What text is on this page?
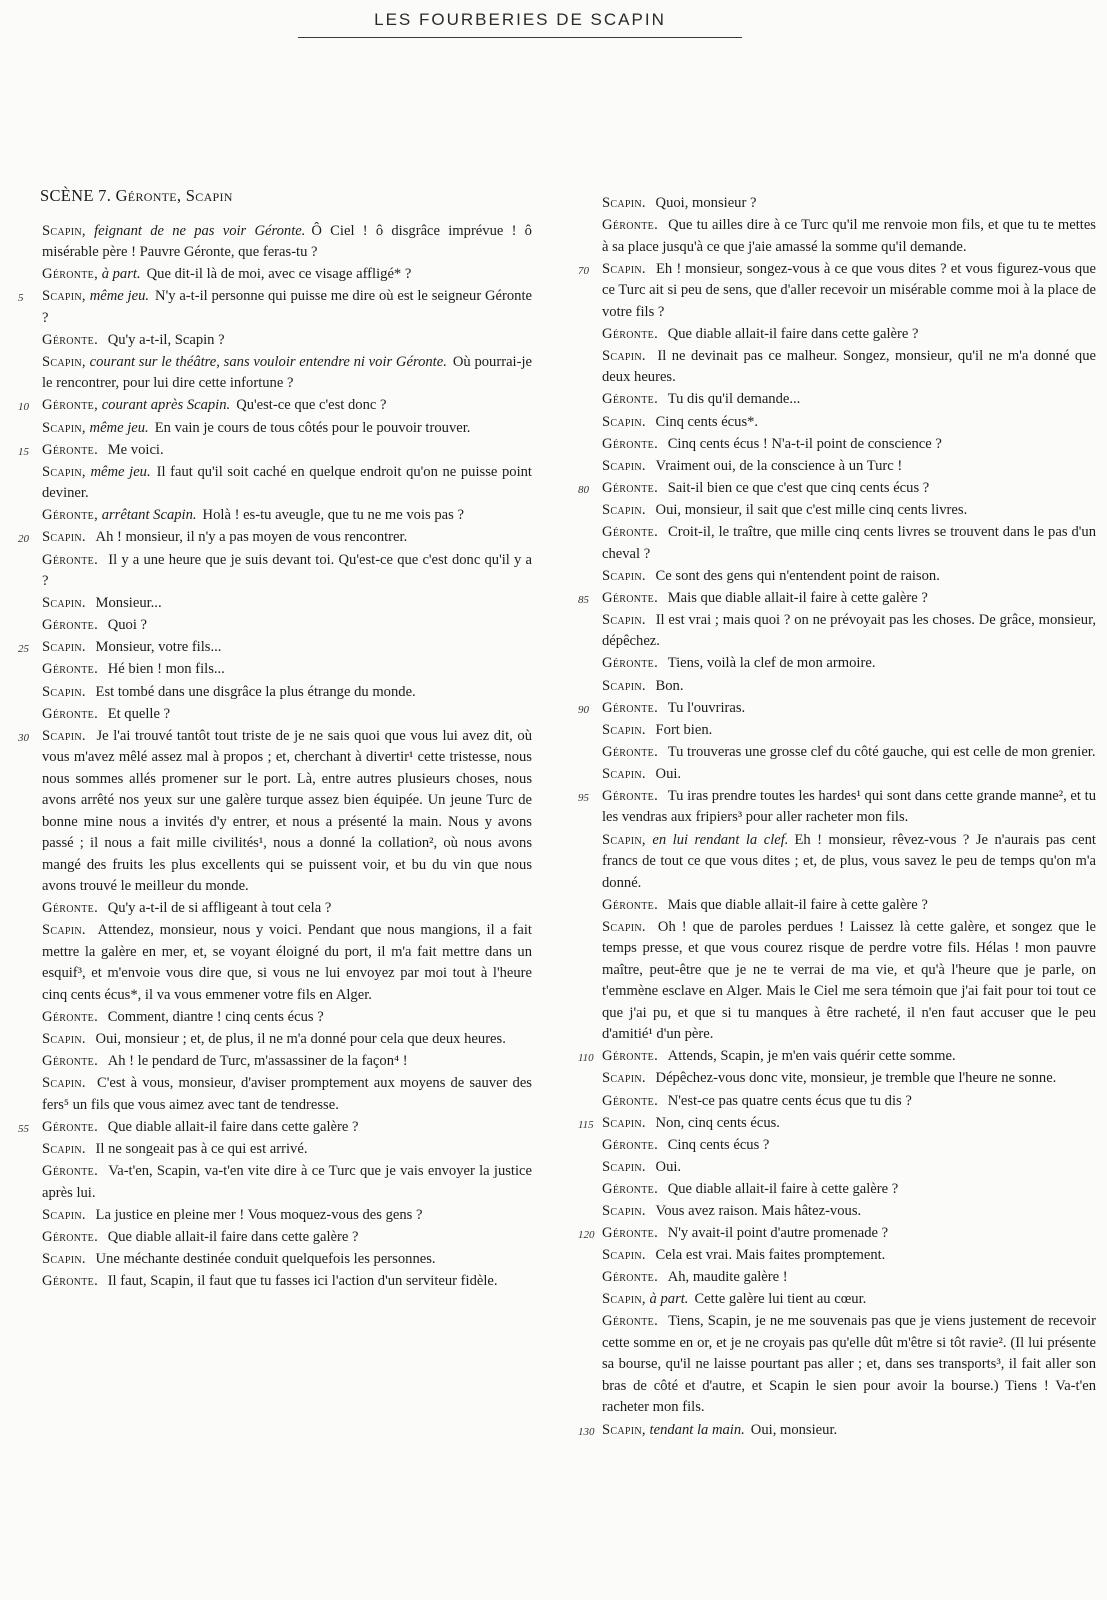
LES FOURBERIES DE SCAPIN
SCÈNE 7. Géronte, Scapin
Scapin, feignant de ne pas voir Géronte. Ô Ciel ! ô disgrâce imprévue ! ô misérable père ! Pauvre Géronte, que feras-tu ?
Géronte, à part. Que dit-il là de moi, avec ce visage affligé* ?
5	Scapin, même jeu. N'y a-t-il personne qui puisse me dire où est le seigneur Géronte ?
Géronte. Qu'y a-t-il, Scapin ?
Scapin, courant sur le théâtre, sans vouloir entendre ni voir Géronte. Où pourrai-je le rencontrer, pour lui dire cette infortune ?
10 Géronte, courant après Scapin. Qu'est-ce que c'est donc ?
Scapin, même jeu. En vain je cours de tous côtés pour le pouvoir trouver.
15 Géronte. Me voici.
Scapin, même jeu. Il faut qu'il soit caché en quelque endroit qu'on ne puisse point deviner.
Géronte, arrêtant Scapin. Holà ! es-tu aveugle, que tu ne me vois pas ?
20 Scapin. Ah ! monsieur, il n'y a pas moyen de vous rencontrer.
Géronte. Il y a une heure que je suis devant toi. Qu'est-ce que c'est donc qu'il y a ?
Scapin. Monsieur...
Géronte. Quoi ?
25 Scapin. Monsieur, votre fils...
Géronte. Hé bien ! mon fils...
Scapin. Est tombé dans une disgrâce la plus étrange du monde.
Géronte. Et quelle ?
30 Scapin. Je l'ai trouvé tantôt tout triste de je ne sais quoi que vous lui avez dit, où vous m'avez mêlé assez mal à propos ; et, cherchant à divertir¹ cette tristesse, nous nous sommes allés promener sur le port. Là, entre autres plusieurs choses, nous avons arrêté nos yeux sur une galère turque assez bien équipée. Un jeune Turc de bonne mine nous a invités d'y entrer, et nous a présenté la main. Nous y avons passé ; il nous a fait mille civilités¹, nous a donné la collation², où nous avons mangé des fruits les plus excellents qui se puissent voir, et bu du vin que nous avons trouvé le meilleur du monde.
Géronte. Qu'y a-t-il de si affligeant à tout cela ?
Scapin. Attendez, monsieur, nous y voici. Pendant que nous mangions, il a fait mettre la galère en mer, et, se voyant éloigné du port, il m'a fait mettre dans un esquif³, et m'envoie vous dire que, si vous ne lui envoyez par moi tout à l'heure cinq cents écus*, il va vous emmener votre fils en Alger.
Géronte. Comment, diantre ! cinq cents écus ?
Scapin. Oui, monsieur ; et, de plus, il ne m'a donné pour cela que deux heures.
Géronte. Ah ! le pendard de Turc, m'assassiner de la façon⁴ !
Scapin. C'est à vous, monsieur, d'aviser promptement aux moyens de sauver des fers⁵ un fils que vous aimez avec tant de tendresse.
55 Géronte. Que diable allait-il faire dans cette galère ?
Scapin. Il ne songeait pas à ce qui est arrivé.
Géronte. Va-t'en, Scapin, va-t'en vite dire à ce Turc que je vais envoyer la justice après lui.
Scapin. La justice en pleine mer ! Vous moquez-vous des gens ?
Géronte. Que diable allait-il faire dans cette galère ?
Scapin. Une méchante destinée conduit quelquefois les personnes.
Géronte. Il faut, Scapin, il faut que tu fasses ici l'action d'un serviteur fidèle.
Scapin. Quoi, monsieur ?
Géronte. Que tu ailles dire à ce Turc qu'il me renvoie mon fils, et que tu te mettes à sa place jusqu'à ce que j'aie amassé la somme qu'il demande.
70 Scapin. Eh ! monsieur, songez-vous à ce que vous dites ? et vous figurez-vous que ce Turc ait si peu de sens, que d'aller recevoir un misérable comme moi à la place de votre fils ?
Géronte. Que diable allait-il faire dans cette galère ?
Scapin. Il ne devinait pas ce malheur. Songez, monsieur, qu'il ne m'a donné que deux heures.
Géronte. Tu dis qu'il demande...
Scapin. Cinq cents écus*.
Géronte. Cinq cents écus ! N'a-t-il point de conscience ?
Scapin. Vraiment oui, de la conscience à un Turc !
80 Géronte. Sait-il bien ce que c'est que cinq cents écus ?
Scapin. Oui, monsieur, il sait que c'est mille cinq cents livres.
Géronte. Croit-il, le traître, que mille cinq cents livres se trouvent dans le pas d'un cheval ?
Scapin. Ce sont des gens qui n'entendent point de raison.
85 Géronte. Mais que diable allait-il faire à cette galère ?
Scapin. Il est vrai ; mais quoi ? on ne prévoyait pas les choses. De grâce, monsieur, dépêchez.
Géronte. Tiens, voilà la clef de mon armoire.
Scapin. Bon.
90 Géronte. Tu l'ouvriras.
Scapin. Fort bien.
Géronte. Tu trouveras une grosse clef du côté gauche, qui est celle de mon grenier.
Scapin. Oui.
95 Géronte. Tu iras prendre toutes les hardes¹ qui sont dans cette grande manne², et tu les vendras aux fripiers³ pour aller racheter mon fils.
Scapin, en lui rendant la clef. Eh ! monsieur, rêvez-vous ? Je n'aurais pas cent francs de tout ce que vous dites ; et, de plus, vous savez le peu de temps qu'on m'a donné.
Géronte. Mais que diable allait-il faire à cette galère ?
Scapin. Oh ! que de paroles perdues ! Laissez là cette galère, et songez que le temps presse, et que vous courez risque de perdre votre fils. Hélas ! mon pauvre maître, peut-être que je ne te verrai de ma vie, et qu'à l'heure que je parle, on t'emmène esclave en Alger. Mais le Ciel me sera témoin que j'ai fait pour toi tout ce que j'ai pu, et que si tu manques à être racheté, il n'en faut accuser que le peu d'amitié¹ d'un père.
110 Géronte. Attends, Scapin, je m'en vais quérir cette somme.
Scapin. Dépêchez-vous donc vite, monsieur, je tremble que l'heure ne sonne.
Géronte. N'est-ce pas quatre cents écus que tu dis ?
115 Scapin. Non, cinq cents écus.
Géronte. Cinq cents écus ?
Scapin. Oui.
Géronte. Que diable allait-il faire à cette galère ?
Scapin. Vous avez raison. Mais hâtez-vous.
120 Géronte. N'y avait-il point d'autre promenade ?
Scapin. Cela est vrai. Mais faites promptement.
Géronte. Ah, maudite galère !
Scapin, à part. Cette galère lui tient au cœur.
Géronte. Tiens, Scapin, je ne me souvenais pas que je viens justement de recevoir cette somme en or, et je ne croyais pas qu'elle dût m'être si tôt ravie². (Il lui présente sa bourse, qu'il ne laisse pourtant pas aller ; et, dans ses transports³, il fait aller son bras de côté et d'autre, et Scapin le sien pour avoir la bourse.) Tiens ! Va-t'en racheter mon fils.
130 Scapin, tendant la main. Oui, monsieur.
